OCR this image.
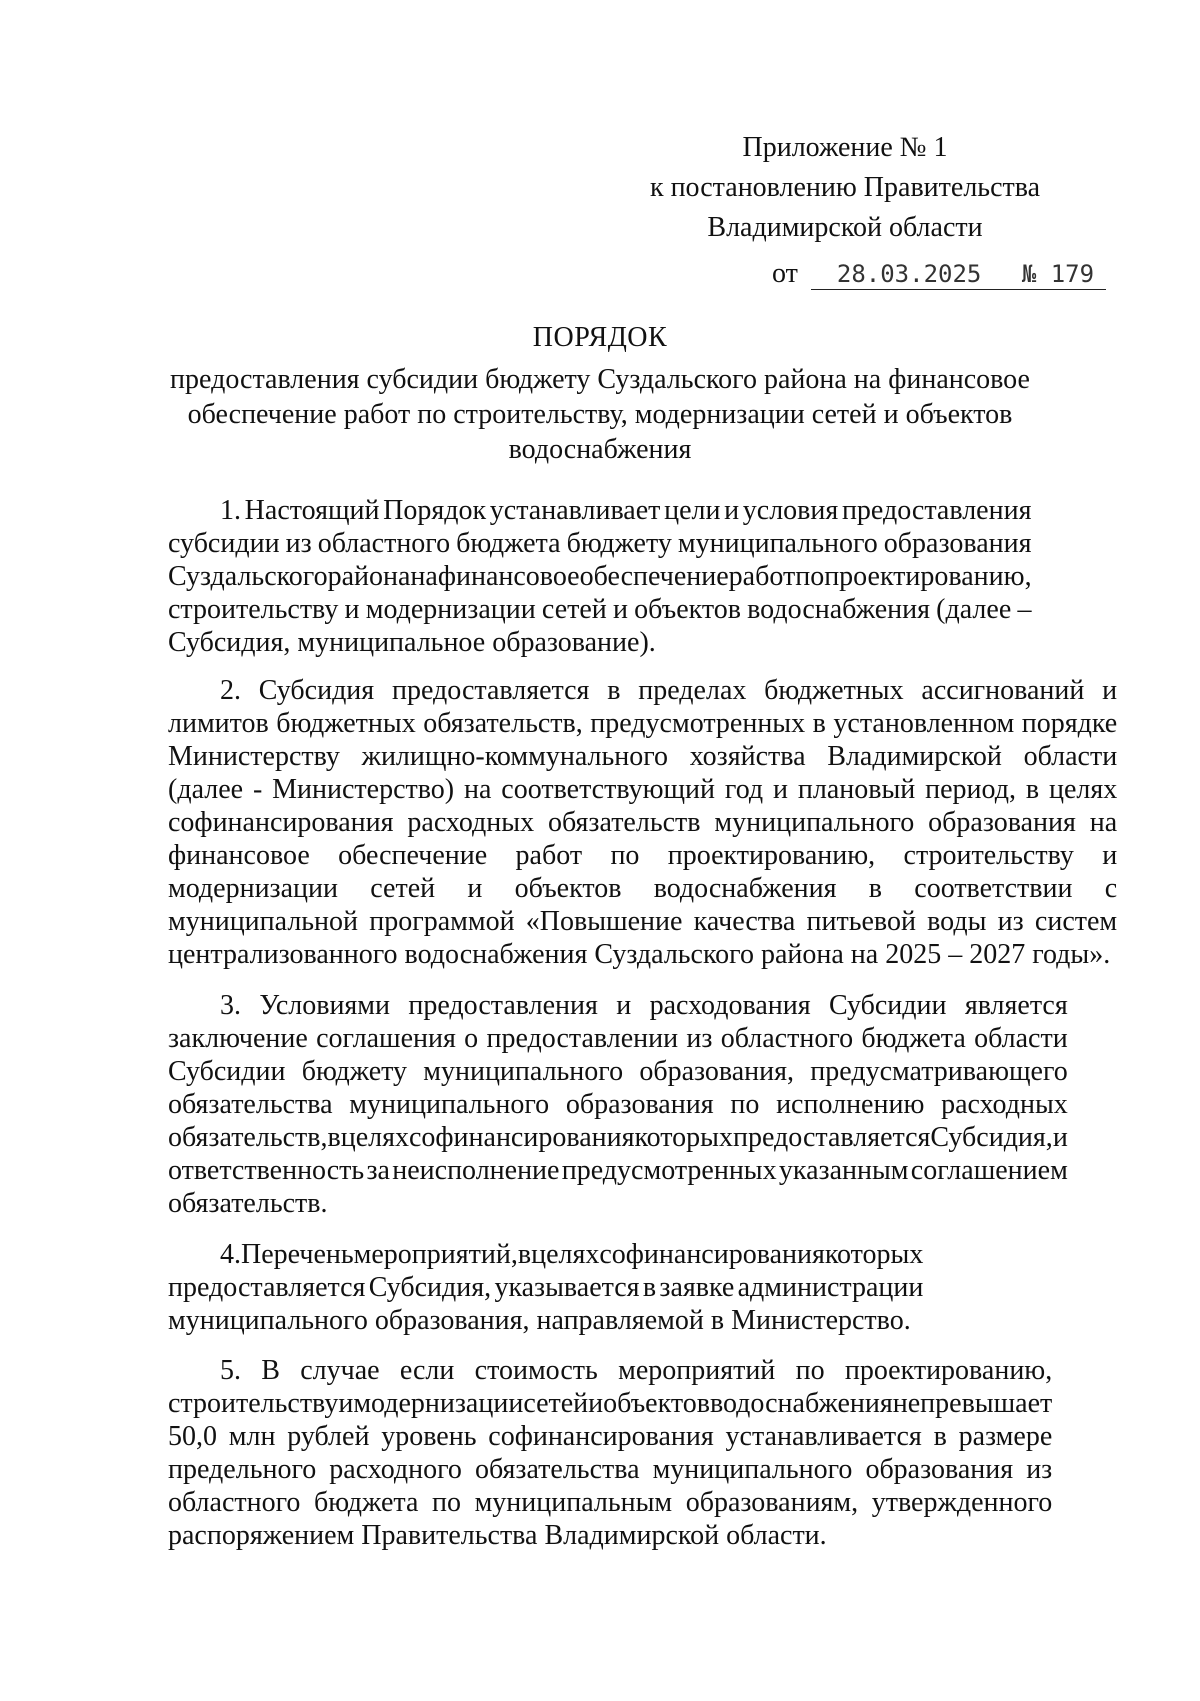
Приложение № 1
к постановлению Правительства
Владимирской области
от 28.03.2025 № 179
ПОРЯДОК
предоставления субсидии бюджету Суздальского района на финансовое
обеспечение работ по строительству, модернизации сетей и объектов
водоснабжения
1. Настоящий Порядок устанавливает цели и условия предоставления
субсидии из областного бюджета бюджету муниципального образования
Суздальского района на финансовое обеспечение работ по проектированию,
строительству и модернизации сетей и объектов водоснабжения (далее –
Субсидия, муниципальное образование).
2. Субсидия предоставляется в пределах бюджетных ассигнований и
лимитов бюджетных обязательств, предусмотренных в установленном порядке
Министерству жилищно-коммунального хозяйства Владимирской области
(далее - Министерство) на соответствующий год и плановый период, в целях
софинансирования расходных обязательств муниципального образования на
финансовое обеспечение работ по проектированию, строительству и
модернизации сетей и объектов водоснабжения в соответствии с
муниципальной программой «Повышение качества питьевой воды из систем
централизованного водоснабжения Суздальского района на 2025 – 2027 годы».
3. Условиями предоставления и расходования Субсидии является
заключение соглашения о предоставлении из областного бюджета области
Субсидии бюджету муниципального образования, предусматривающего
обязательства муниципального образования по исполнению расходных
обязательств, в целях софинансирования которых предоставляется Субсидия, и
ответственность за неисполнение предусмотренных указанным соглашением
обязательств.
4. Перечень мероприятий, в целях софинансирования которых
предоставляется Субсидия, указывается в заявке администрации
муниципального образования, направляемой в Министерство.
5. В случае если стоимость мероприятий по проектированию,
строительству и модернизации сетей и объектов водоснабжения не превышает
50,0 млн рублей уровень софинансирования устанавливается в размере
предельного расходного обязательства муниципального образования из
областного бюджета по муниципальным образованиям, утвержденного
распоряжением Правительства Владимирской области.
